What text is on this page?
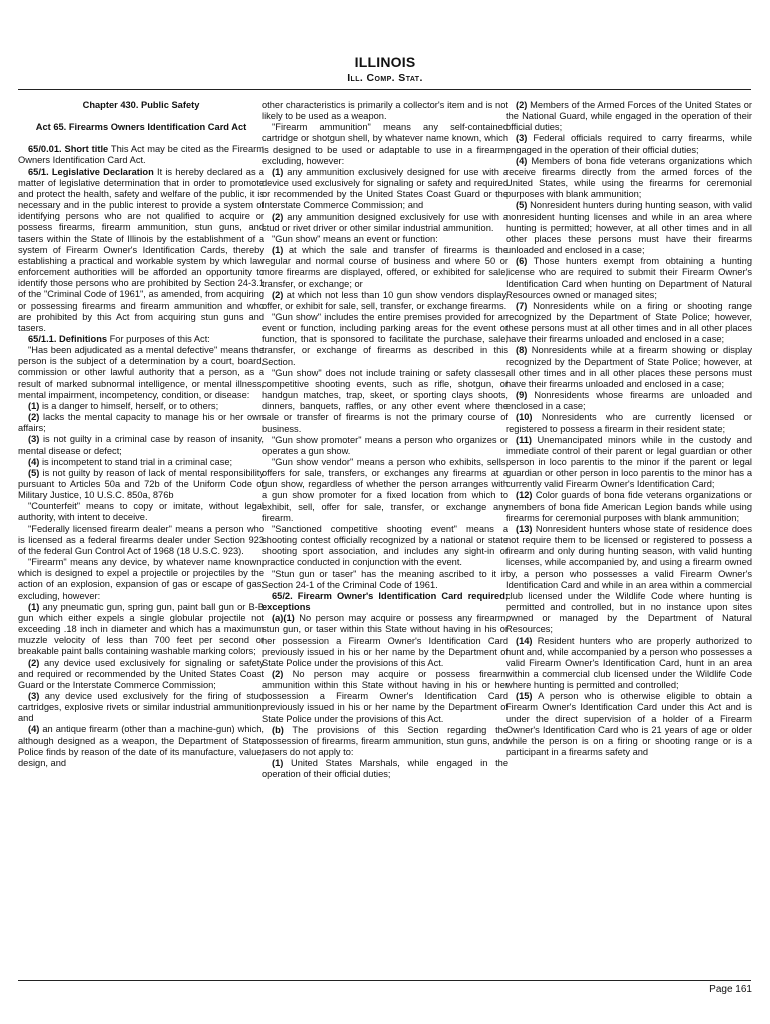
ILLINOIS
Ill. Comp. Stat.

Chapter 430. Public Safety

Act 65. Firearms Owners Identification Card Act

65/0.01. Short title This Act may be cited as the Firearm Owners Identification Card Act.

65/1. Legislative Declaration It is hereby declared as a matter of legislative determination that in order to promote and protect the health, safety and welfare of the public, it is necessary and in the public interest to provide a system of identifying persons who are not qualified to acquire or possess firearms, firearm ammunition, stun guns, and tasers within the State of Illinois by the establishment of a system of Firearm Owner's Identification Cards, thereby establishing a practical and workable system by which law enforcement authorities will be afforded an opportunity to identify those persons who are prohibited by Section 24-3.1 of the "Criminal Code of 1961", as amended, from acquiring or possessing firearms and firearm ammunition and who are prohibited by this Act from acquiring stun guns and tasers.

65/1.1. Definitions For purposes of this Act:

"Has been adjudicated as a mental defective" means the person is the subject of a determination by a court, board, commission or other lawful authority that a person, as a result of marked subnormal intelligence, or mental illness, mental impairment, incompetency, condition, or disease:

(1) is a danger to himself, herself, or to others;

(2) lacks the mental capacity to manage his or her own affairs;

(3) is not guilty in a criminal case by reason of insanity, mental disease or defect;

(4) is incompetent to stand trial in a criminal case;

(5) is not guilty by reason of lack of mental responsibility pursuant to Articles 50a and 72b of the Uniform Code of Military Justice, 10 U.S.C. 850a, 876b

"Counterfeit" means to copy or imitate, without legal authority, with intent to deceive.

"Federally licensed firearm dealer" means a person who is licensed as a federal firearms dealer under Section 923 of the federal Gun Control Act of 1968 (18 U.S.C. 923).

"Firearm" means any device, by whatever name known, which is designed to expel a projectile or projectiles by the action of an explosion, expansion of gas or escape of gas; excluding, however:

(1) any pneumatic gun, spring gun, paint ball gun or B-B gun which either expels a single globular projectile not exceeding .18 inch in diameter and which has a maximum muzzle velocity of less than 700 feet per second or breakable paint balls containing washable marking colors;

(2) any device used exclusively for signaling or safety and required or recommended by the United States Coast Guard or the Interstate Commerce Commission;

(3) any device used exclusively for the firing of stud cartridges, explosive rivets or similar industrial ammunition; and

(4) an antique firearm (other than a machine-gun) which, although designed as a weapon, the Department of State Police finds by reason of the date of its manufacture, value, design, and

other characteristics is primarily a collector's item and is not likely to be used as a weapon.

"Firearm ammunition" means any self-contained cartridge or shotgun shell, by whatever name known, which is designed to be used or adaptable to use in a firearm; excluding, however:

(1) any ammunition exclusively designed for use with a device used exclusively for signaling or safety and required or recommended by the United States Coast Guard or the Interstate Commerce Commission; and

(2) any ammunition designed exclusively for use with a stud or rivet driver or other similar industrial ammunition.

"Gun show" means an event or function:

(1) at which the sale and transfer of firearms is the regular and normal course of business and where 50 or more firearms are displayed, offered, or exhibited for sale, transfer, or exchange; or

(2) at which not less than 10 gun show vendors display, offer, or exhibit for sale, sell, transfer, or exchange firearms.

"Gun show" includes the entire premises provided for an event or function, including parking areas for the event or function, that is sponsored to facilitate the purchase, sale, transfer, or exchange of firearms as described in this Section.

"Gun show" does not include training or safety classes, competitive shooting events, such as rifle, shotgun, or handgun matches, trap, skeet, or sporting clays shoots, dinners, banquets, raffles, or any other event where the sale or transfer of firearms is not the primary course of business.

"Gun show promoter" means a person who organizes or operates a gun show.

"Gun show vendor" means a person who exhibits, sells, offers for sale, transfers, or exchanges any firearms at a gun show, regardless of whether the person arranges with a gun show promoter for a fixed location from which to exhibit, sell, offer for sale, transfer, or exchange any firearm.

"Sanctioned competitive shooting event" means a shooting contest officially recognized by a national or state shooting sport association, and includes any sight-in or practice conducted in conjunction with the event.

"Stun gun or taser" has the meaning ascribed to it in Section 24-1 of the Criminal Code of 1961.

65/2. Firearm Owner's Identification Card required; exceptions

(a)(1) No person may acquire or possess any firearm, stun gun, or taser within this State without having in his or her possession a Firearm Owner's Identification Card previously issued in his or her name by the Department of State Police under the provisions of this Act.

(2) No person may acquire or possess firearm ammunition within this State without having in his or her possession a Firearm Owner's Identification Card previously issued in his or her name by the Department of State Police under the provisions of this Act.

(b) The provisions of this Section regarding the possession of firearms, firearm ammunition, stun guns, and tasers do not apply to:

(1) United States Marshals, while engaged in the operation of their official duties;

(2) Members of the Armed Forces of the United States or the National Guard, while engaged in the operation of their official duties;

(3) Federal officials required to carry firearms, while engaged in the operation of their official duties;

(4) Members of bona fide veterans organizations which receive firearms directly from the armed forces of the United States, while using the firearms for ceremonial purposes with blank ammunition;

(5) Nonresident hunters during hunting season, with valid nonresident hunting licenses and while in an area where hunting is permitted; however, at all other times and in all other places these persons must have their firearms unloaded and enclosed in a case;

(6) Those hunters exempt from obtaining a hunting license who are required to submit their Firearm Owner's Identification Card when hunting on Department of Natural Resources owned or managed sites;

(7) Nonresidents while on a firing or shooting range recognized by the Department of State Police; however, these persons must at all other times and in all other places have their firearms unloaded and enclosed in a case;

(8) Nonresidents while at a firearm showing or display recognized by the Department of State Police; however, at all other times and in all other places these persons must have their firearms unloaded and enclosed in a case;

(9) Nonresidents whose firearms are unloaded and enclosed in a case;

(10) Nonresidents who are currently licensed or registered to possess a firearm in their resident state;

(11) Unemancipated minors while in the custody and immediate control of their parent or legal guardian or other person in loco parentis to the minor if the parent or legal guardian or other person in loco parentis to the minor has a currently valid Firearm Owner's Identification Card;

(12) Color guards of bona fide veterans organizations or members of bona fide American Legion bands while using firearms for ceremonial purposes with blank ammunition;

(13) Nonresident hunters whose state of residence does not require them to be licensed or registered to possess a firearm and only during hunting season, with valid hunting licenses, while accompanied by, and using a firearm owned by, a person who possesses a valid Firearm Owner's Identification Card and while in an area within a commercial club licensed under the Wildlife Code where hunting is permitted and controlled, but in no instance upon sites owned or managed by the Department of Natural Resources;

(14) Resident hunters who are properly authorized to hunt and, while accompanied by a person who possesses a valid Firearm Owner's Identification Card, hunt in an area within a commercial club licensed under the Wildlife Code where hunting is permitted and controlled;

(15) A person who is otherwise eligible to obtain a Firearm Owner's Identification Card under this Act and is under the direct supervision of a holder of a Firearm Owner's Identification Card who is 21 years of age or older while the person is on a firing or shooting range or is a participant in a firearms safety and

Page 161
